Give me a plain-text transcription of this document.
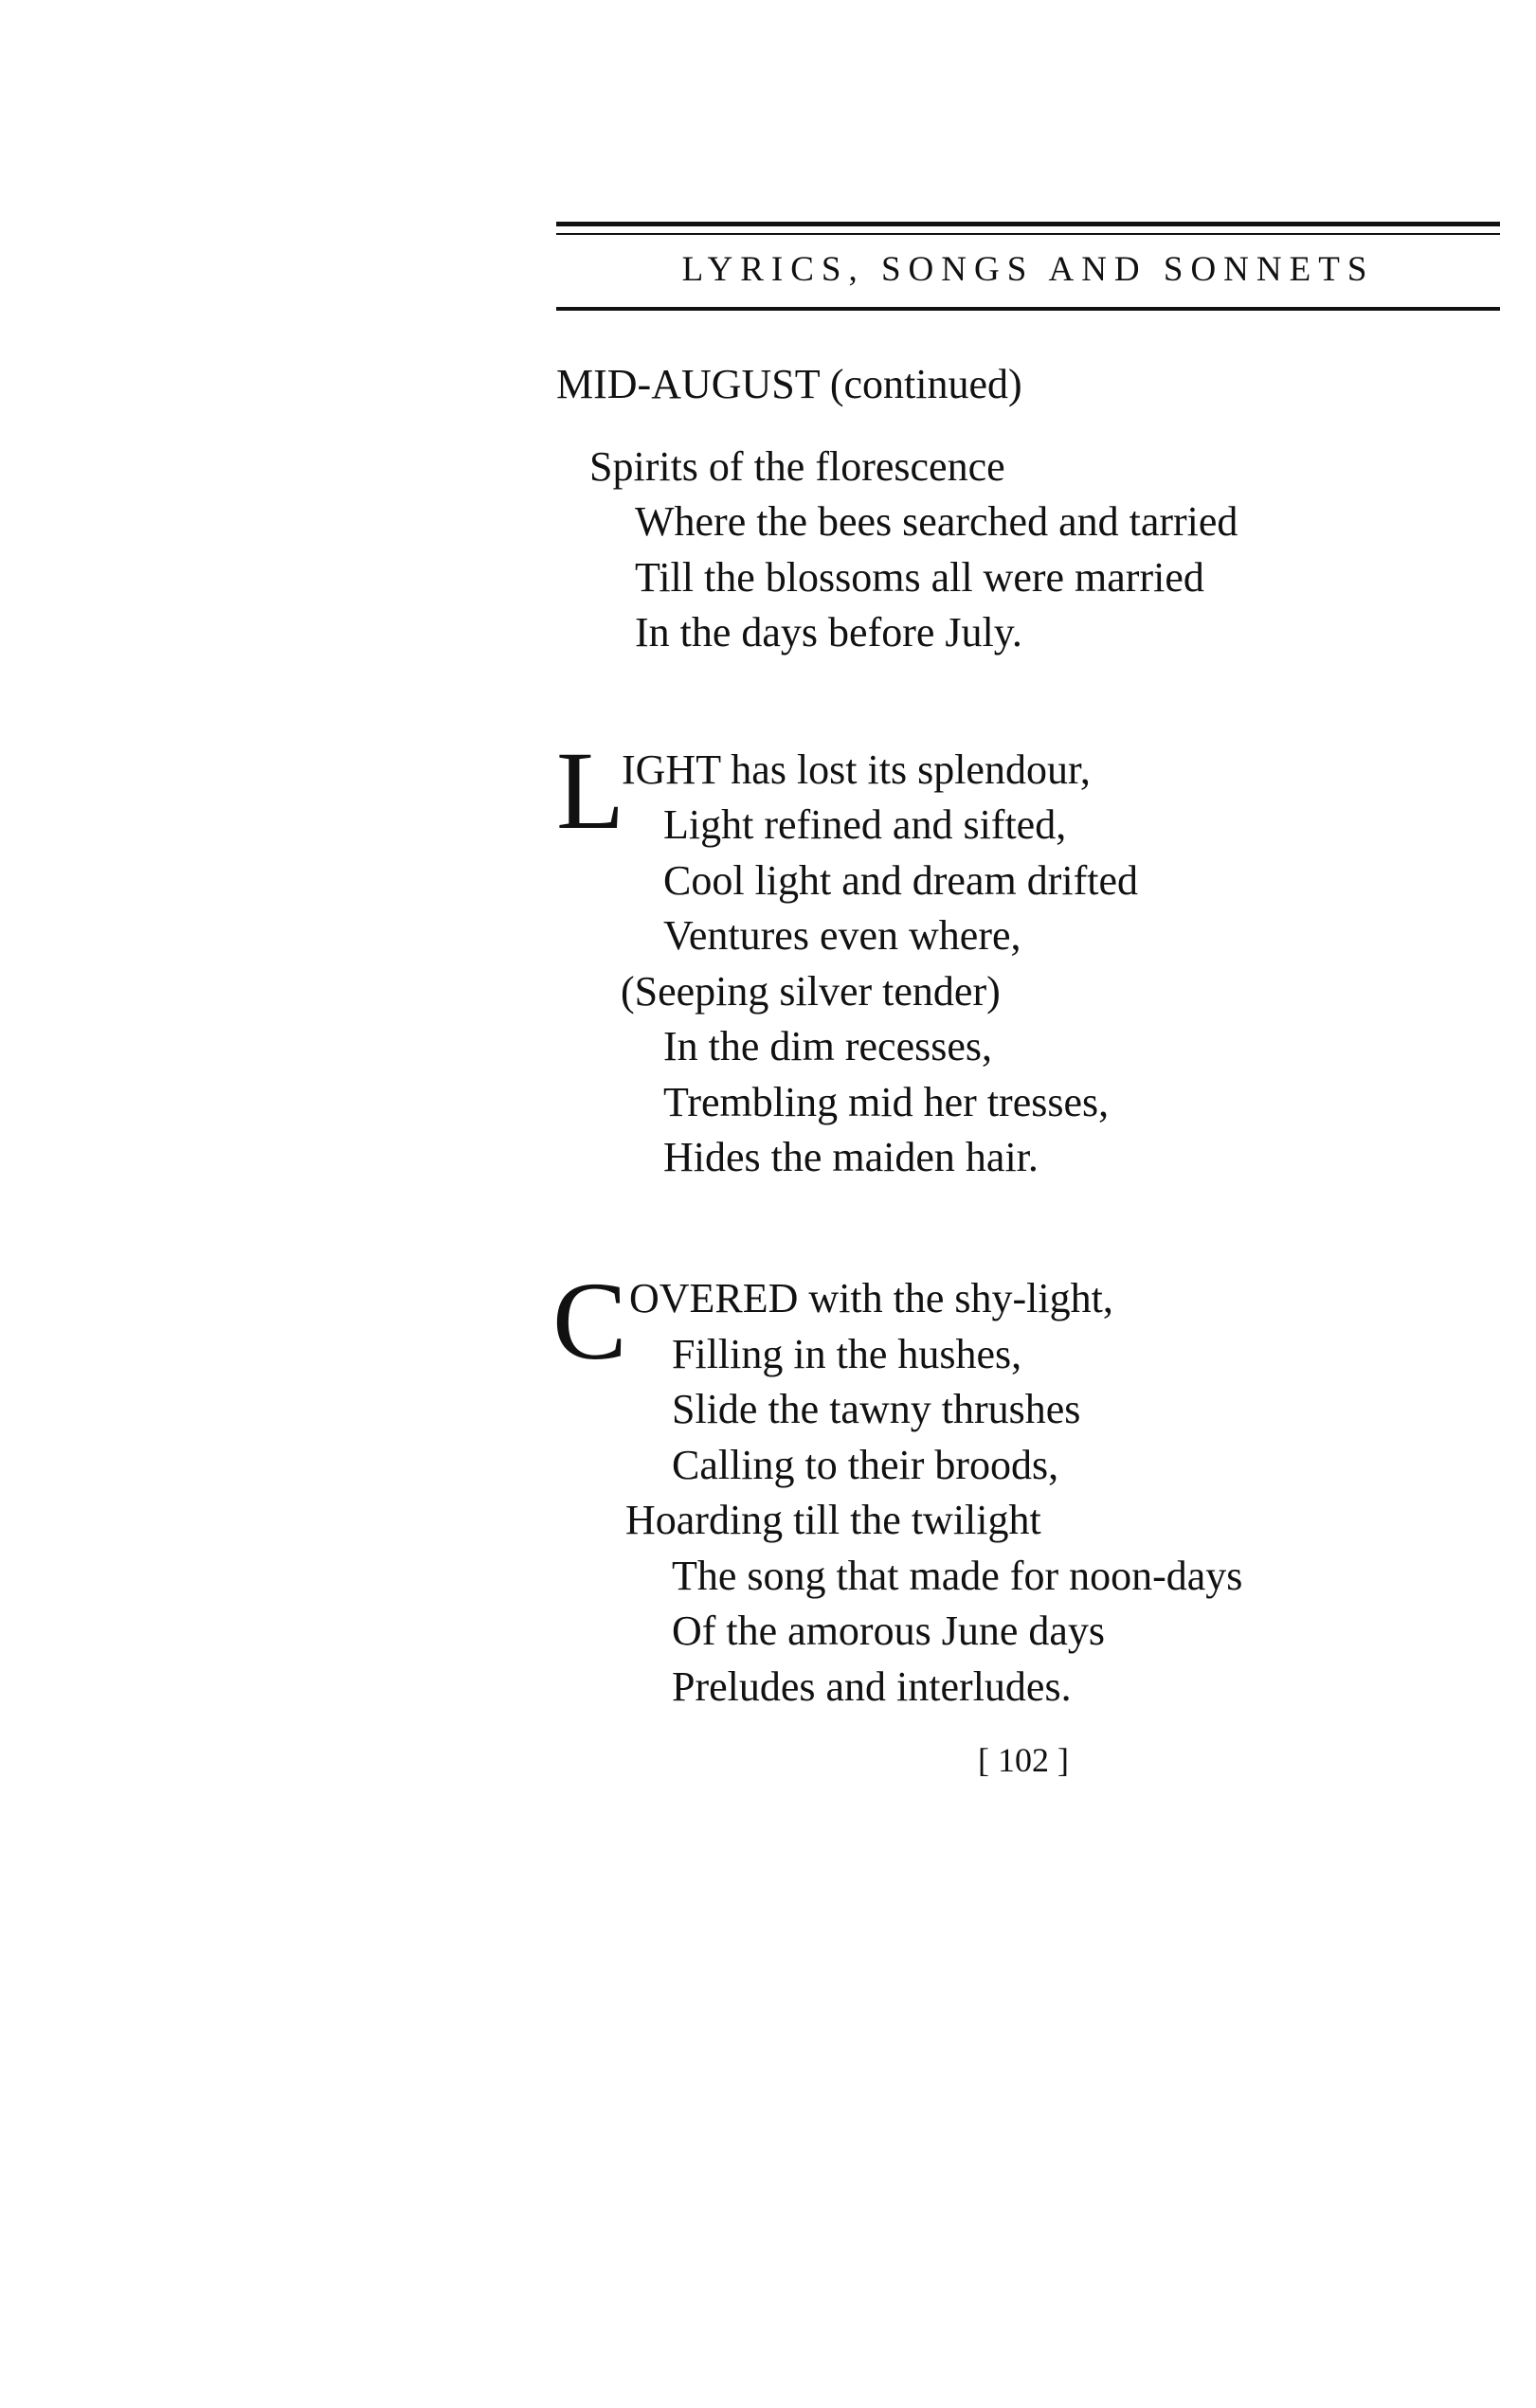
LYRICS, SONGS AND SONNETS
MID-AUGUST (continued)
Spirits of the florescence
Where the bees searched and tarried
Till the blossoms all were married
In the days before July.
L
IGHT has lost its splendour,
Light refined and sifted,
Cool light and dream drifted
Ventures even where,
(Seeping silver tender)
In the dim recesses,
Trembling mid her tresses,
Hides the maiden hair.
C OVERED with the shy-light,
Filling in the hushes,
Slide the tawny thrushes
Calling to their broods,
Hoarding till the twilight
The song that made for noon-days
Of the amorous June days
Preludes and interludes.
[ 102 ]
